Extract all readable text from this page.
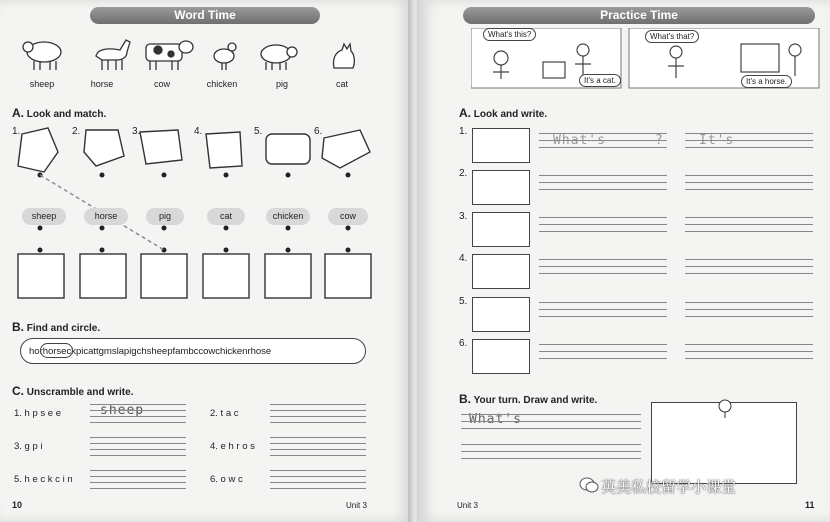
Word Time
sheep	horse	cow	chicken	pig	cat
A. Look and match.
1.	2.	3.	4.	5.	6.
sheep	horse	pig	cat	chicken	cow
B. Find and circle.
horhorseckpicattgmslapigchsheepfambccowchickenrhose
C. Unscramble and write.
1. h p s e e	2. t a c
3. g p i	4. e h r o s
5. h e c k c i n	6. o w c
sheep
10	Unit 3
Practice Time
What's this?
It's a cat.
What's that?
It's a horse.
A. Look and write.
1.
2.
3.
4.
5.
6.
What's	?	It's
B. Your turn. Draw and write.
What's
Unit 3	11
英美私校留学小课堂
